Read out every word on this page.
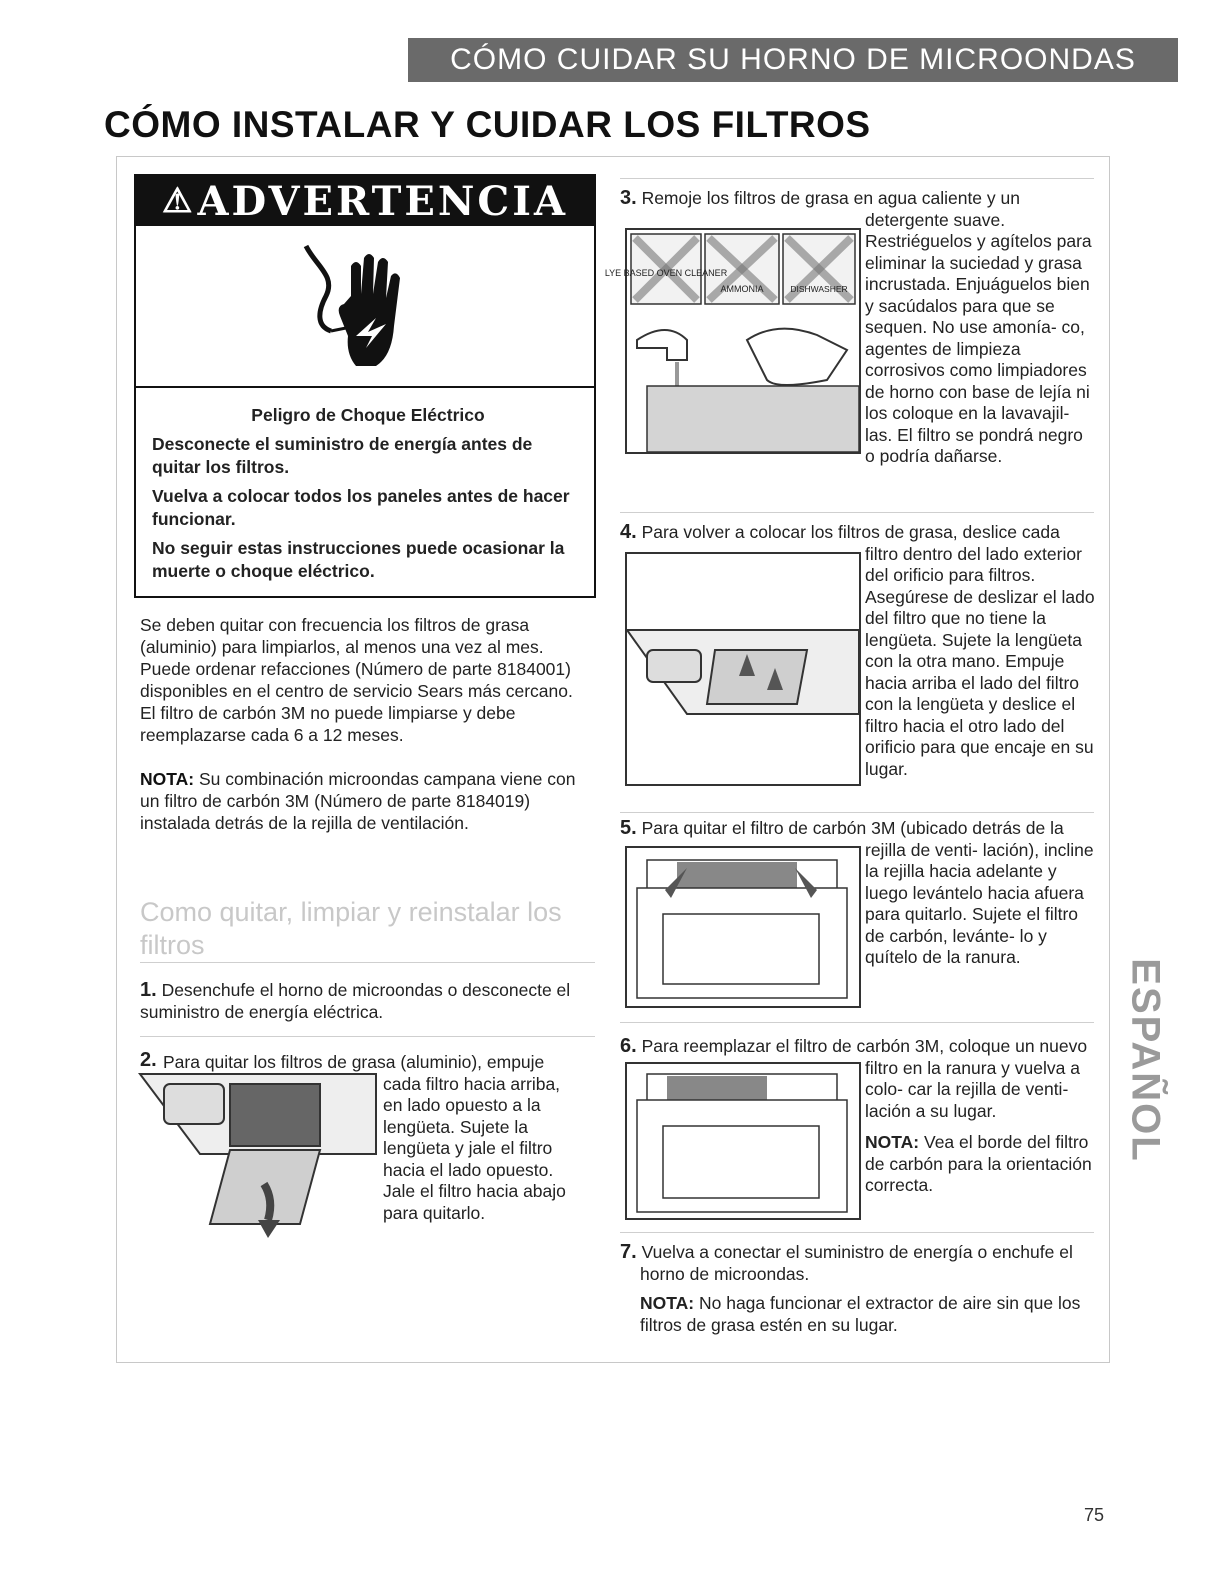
CÓMO CUIDAR SU HORNO DE MICROONDAS
CÓMO INSTALAR Y CUIDAR LOS FILTROS
⚠ ADVERTENCIA
Peligro de Choque Eléctrico

Desconecte el suministro de energía antes de quitar los filtros.

Vuelva a colocar todos los paneles antes de hacer funcionar.

No seguir estas instrucciones puede ocasionar la muerte o choque eléctrico.

Se deben quitar con frecuencia los filtros de grasa (aluminio) para limpiarlos, al menos una vez al mes. Puede ordenar refacciones (Número de parte 8184001) disponibles en el centro de servicio Sears más cercano. El filtro de carbón 3M no puede limpiarse y debe reemplazarse cada 6 a 12 meses.
NOTA: Su combinación microondas campana viene con un filtro de carbón 3M (Número de parte 8184019) instalada detrás de la rejilla de ventilación.
Como quitar, limpiar y reinstalar los filtros
1. Desenchufe el horno de microondas o desconecte el suministro de energía eléctrica.
2. Para quitar los filtros de grasa (aluminio), empuje cada filtro hacia arriba, en lado opuesto a la lengüeta. Sujete la lengüeta y jale el filtro hacia el lado opuesto. Jale el filtro hacia abajo para quitarlo.
3. Remoje los filtros de grasa en agua caliente y un detergente suave. Restriéguelos y agítelos para eliminar la suciedad y grasa incrustada. Enjuáguelos bien y sacúdalos para que se sequen. No use amonía- co, agentes de limpieza corrosivos como limpiadores de horno con base de lejía ni los coloque en la lavavajil- las. El filtro se pondrá negro o podría dañarse.
LYE BASED OVEN CLEANER
AMMONIA	DISHWASHER
4. Para volver a colocar los filtros de grasa, deslice cada filtro dentro del lado exterior del orificio para filtros. Asegúrese de deslizar el lado del filtro que no tiene la lengüeta. Sujete la lengüeta con la otra mano. Empuje hacia arriba el lado del filtro con la lengüeta y deslice el filtro hacia el otro lado del orificio para que encaje en su lugar.
5. Para quitar el filtro de carbón 3M (ubicado detrás de la rejilla de venti- lación), incline la rejilla hacia adelante y luego levántelo hacia afuera para quitarlo. Sujete el filtro de carbón, levánte- lo y quítelo de la ranura.
6. Para reemplazar el filtro de carbón 3M, coloque un nuevo filtro en la ranura y vuelva a colo- car la rejilla de venti- lación a su lugar.
NOTA: Vea el borde del filtro de carbón para la orientación correcta.
7. Vuelva a conectar el suministro de energía o enchufe el horno de microondas.
NOTA: No haga funcionar el extractor de aire sin que los filtros de grasa estén en su lugar.
ESPAÑOL
75
